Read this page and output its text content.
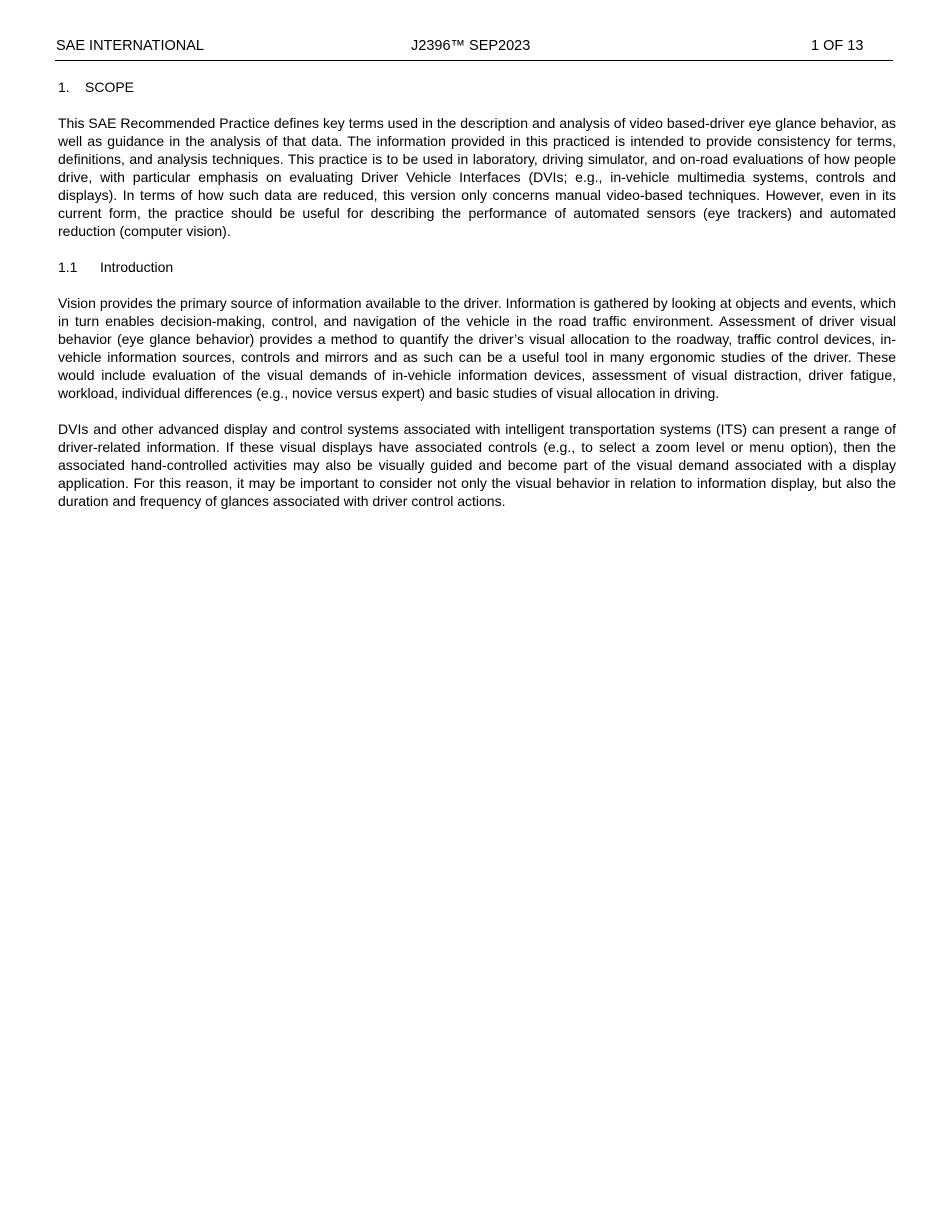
SAE INTERNATIONAL	J2396™ SEP2023	1 OF 13
1. SCOPE

This SAE Recommended Practice defines key terms used in the description and analysis of video based-driver eye glance behavior, as well as guidance in the analysis of that data. The information provided in this practiced is intended to provide consistency for terms, definitions, and analysis techniques. This practice is to be used in laboratory, driving simulator, and on-road evaluations of how people drive, with particular emphasis on evaluating Driver Vehicle Interfaces (DVIs; e.g., in-vehicle multimedia systems, controls and displays). In terms of how such data are reduced, this version only concerns manual video-based techniques. However, even in its current form, the practice should be useful for describing the performance of automated sensors (eye trackers) and automated reduction (computer vision).

1.1 Introduction

Vision provides the primary source of information available to the driver. Information is gathered by looking at objects and events, which in turn enables decision-making, control, and navigation of the vehicle in the road traffic environment. Assessment of driver visual behavior (eye glance behavior) provides a method to quantify the driver’s visual allocation to the roadway, traffic control devices, in-vehicle information sources, controls and mirrors and as such can be a useful tool in many ergonomic studies of the driver. These would include evaluation of the visual demands of in-vehicle information devices, assessment of visual distraction, driver fatigue, workload, individual differences (e.g., novice versus expert) and basic studies of visual allocation in driving.

DVIs and other advanced display and control systems associated with intelligent transportation systems (ITS) can present a range of driver-related information. If these visual displays have associated controls (e.g., to select a zoom level or menu option), then the associated hand-controlled activities may also be visually guided and become part of the visual demand associated with a display application. For this reason, it may be important to consider not only the visual behavior in relation to information display, but also the duration and frequency of glances associated with driver control actions.
